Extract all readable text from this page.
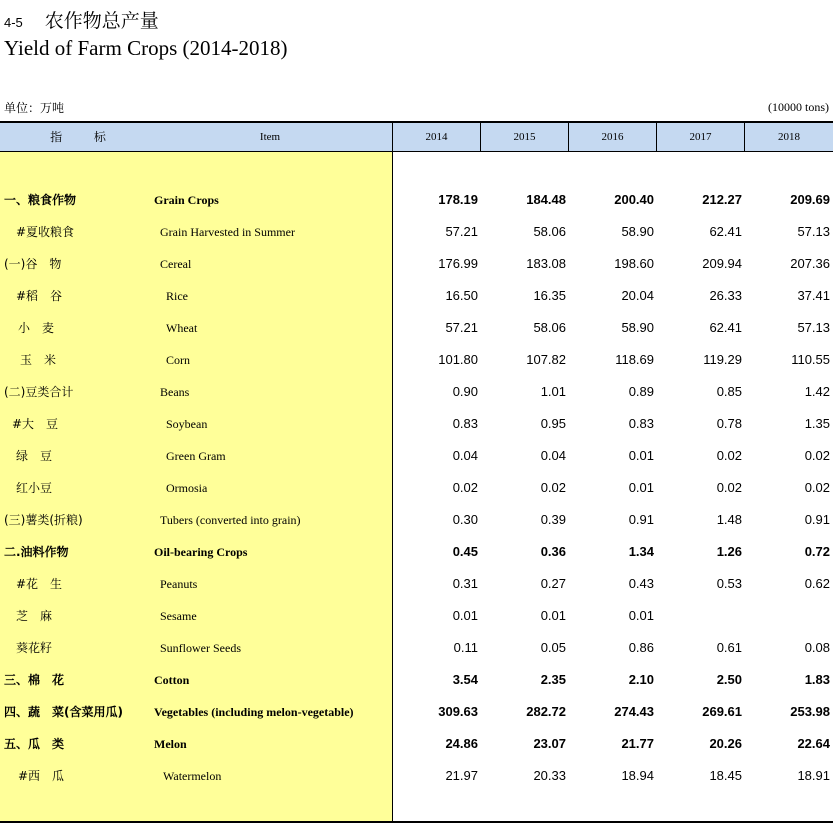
4-5 农作物总产量
Yield of Farm Crops (2014-2018)
单位：万吨	(10000 tons)
指 标	Item	2014	2015	2016	2017	2018
一、粮食作物	Grain Crops	178.19	184.48	200.40	212.27	209.69
#夏收粮食	Grain Harvested in Summer	57.21	58.06	58.90	62.41	57.13
(一)谷　物	Cereal	176.99	183.08	198.60	209.94	207.36
#稻　谷	Rice	16.50	16.35	20.04	26.33	37.41
小　麦	Wheat	57.21	58.06	58.90	62.41	57.13
玉　米	Corn	101.80	107.82	118.69	119.29	110.55
(二)豆类合计	Beans	0.90	1.01	0.89	0.85	1.42
#大　豆	Soybean	0.83	0.95	0.83	0.78	1.35
绿　豆	Green Gram	0.04	0.04	0.01	0.02	0.02
红小豆	Ormosia	0.02	0.02	0.01	0.02	0.02
(三)薯类(折粮)	Tubers (converted into grain)	0.30	0.39	0.91	1.48	0.91
二.油料作物	Oil-bearing Crops	0.45	0.36	1.34	1.26	0.72
#花　生	Peanuts	0.31	0.27	0.43	0.53	0.62
芝　麻	Sesame	0.01	0.01	0.01
葵花籽	Sunflower Seeds	0.11	0.05	0.86	0.61	0.08
三、棉　花	Cotton	3.54	2.35	2.10	2.50	1.83
四、蔬　菜(含菜用瓜)	Vegetables (including melon-vegetable)	309.63	282.72	274.43	269.61	253.98
五、瓜　类	Melon	24.86	23.07	21.77	20.26	22.64
#西　瓜	Watermelon	21.97	20.33	18.94	18.45	18.91
